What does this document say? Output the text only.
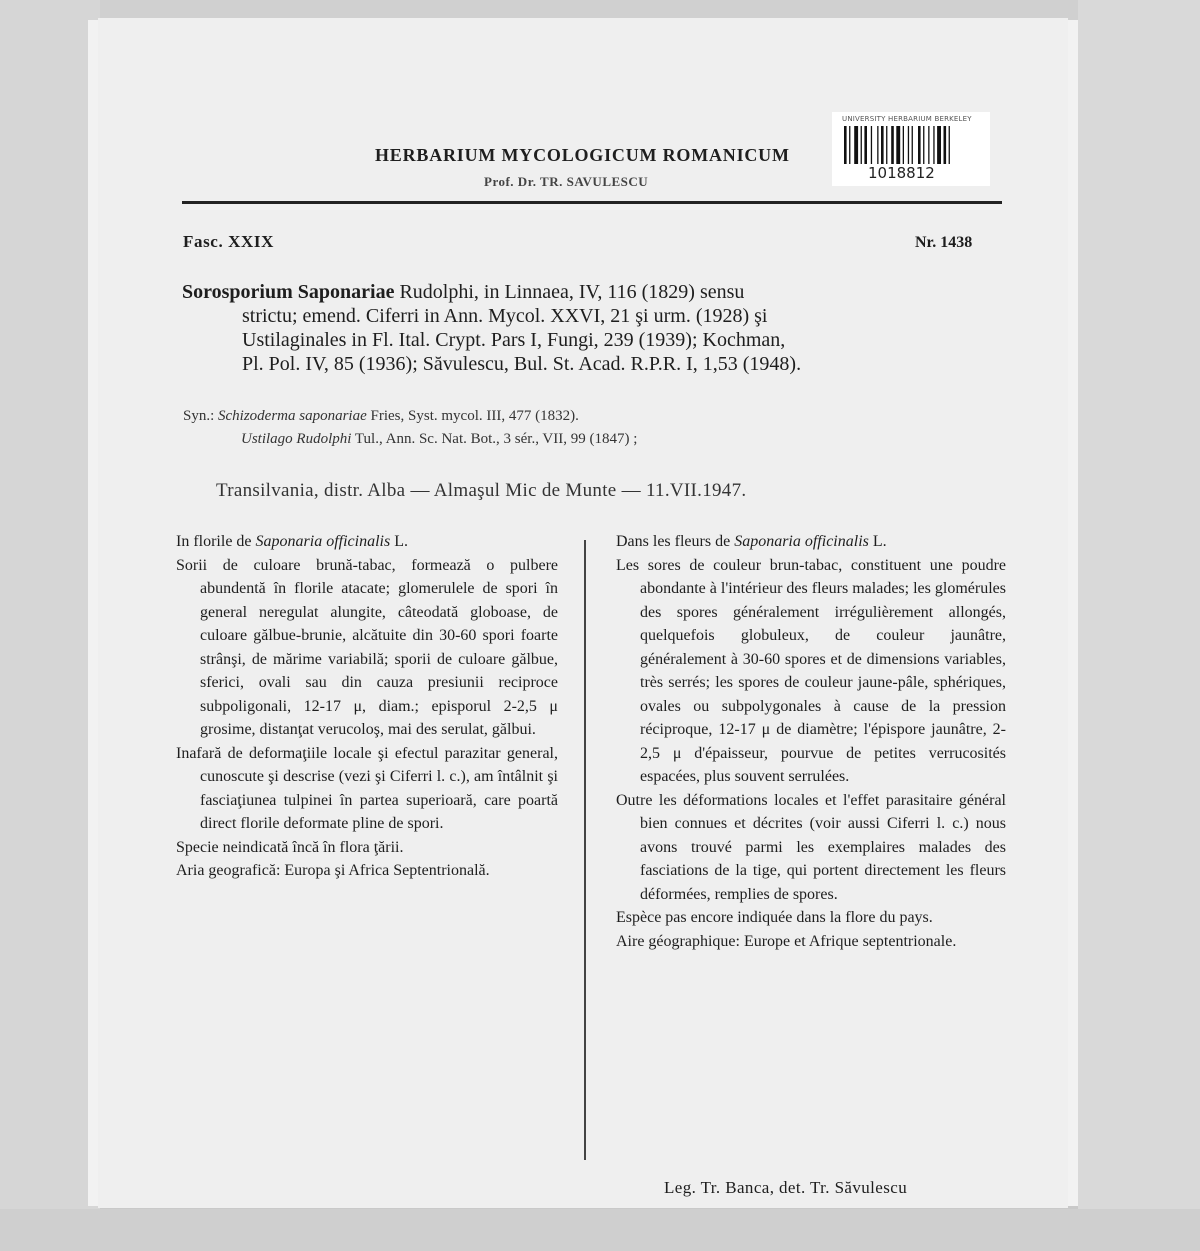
UNIVERSITY HERBARIUM BERKELEY
1018812
HERBARIUM MYCOLOGICUM ROMANICUM
Prof. Dr. TR. SAVULESCU
Fasc. XXIX	Nr. 1438
Sorosporium Saponariae Rudolphi, in Linnaea, IV, 116 (1829) sensu
strictu; emend. Ciferri in Ann. Mycol. XXVI, 21 şi urm. (1928) şi
Ustilaginales in Fl. Ital. Crypt. Pars I, Fungi, 239 (1939); Kochman,
Pl. Pol. IV, 85 (1936); Săvulescu, Bul. St. Acad. R.P.R. I, 1,53 (1948).
Syn.: Schizoderma saponariae Fries, Syst. mycol. III, 477 (1832).
Ustilago Rudolphi Tul., Ann. Sc. Nat. Bot., 3 sér., VII, 99 (1847) ;
Transilvania, distr. Alba — Almaşul Mic de Munte — 11.VII.1947.

In florile de Saponaria officinalis L.

Sorii de culoare brună-tabac, formează o pulbere abundentă în florile atacate; glomerulele de spori în general neregulat alungite, câteodată globoase, de culoare gălbue-brunie, alcătuite din 30-60 spori foarte strânşi, de mărime variabilă; sporii de culoare gălbue, sferici, ovali sau din cauza presiunii reciproce subpoligonali, 12-17 μ, diam.; episporul 2-2,5 μ grosime, distanţat verucoloş, mai des serulat, gălbui.

Inafară de deformaţiile locale şi efectul parazitar general, cunoscute şi descrise (vezi şi Ciferri l. c.), am întâlnit şi fasciaţiunea tulpinei în partea superioară, care poartă direct florile deformate pline de spori.

Specie neindicată încă în flora ţării.

Aria geografică: Europa şi Africa Septentrională.

Dans les fleurs de Saponaria officinalis L.

Les sores de couleur brun-tabac, constituent une poudre abondante à l'intérieur des fleurs malades; les glomérules des spores généralement irrégulièrement allongés, quelquefois globuleux, de couleur jaunâtre, généralement à 30-60 spores et de dimensions variables, très serrés; les spores de couleur jaune-pâle, sphériques, ovales ou subpolygonales à cause de la pression réciproque, 12-17 μ de diamètre; l'épispore jaunâtre, 2-2,5 μ d'épaisseur, pourvue de petites verrucosités espacées, plus souvent serrulées.

Outre les déformations locales et l'effet parasitaire général bien connues et décrites (voir aussi Ciferri l. c.) nous avons trouvé parmi les exemplaires malades des fasciations de la tige, qui portent directement les fleurs déformées, remplies de spores.

Espèce pas encore indiquée dans la flore du pays.

Aire géographique: Europe et Afrique septentrionale.

Leg. Tr. Banca, det. Tr. Săvulescu
